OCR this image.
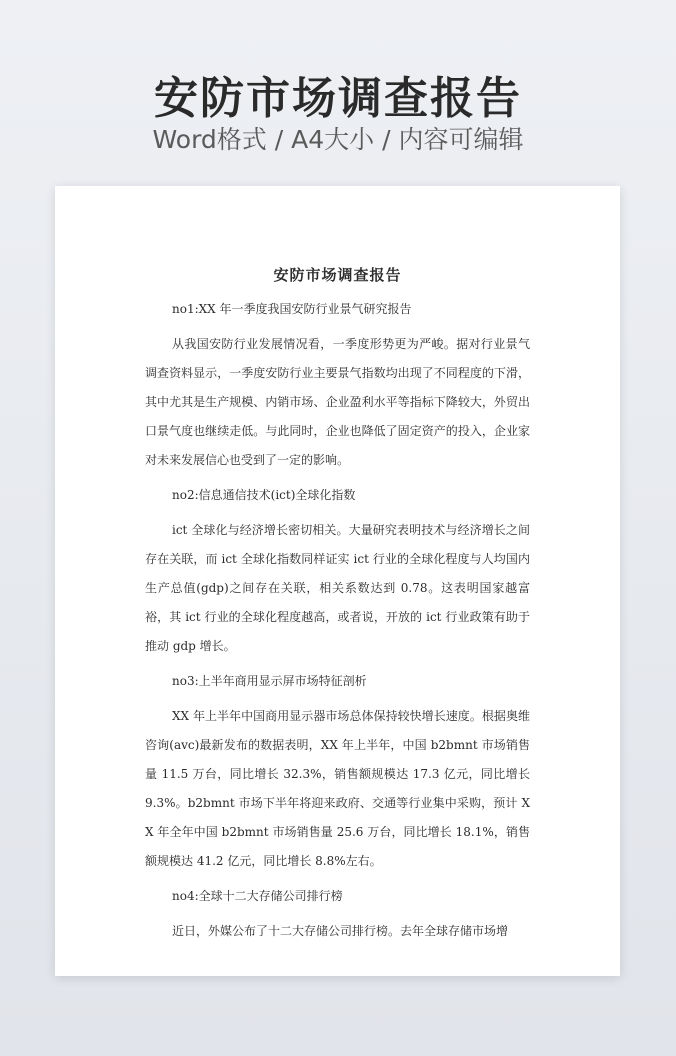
安防市场调查报告
Word格式 / A4大小 / 内容可编辑
安防市场调查报告
no1:XX 年一季度我国安防行业景气研究报告
从我国安防行业发展情况看，一季度形势更为严峻。据对行业景气调查资料显示，一季度安防行业主要景气指数均出现了不同程度的下滑，其中尤其是生产规模、内销市场、企业盈利水平等指标下降较大，外贸出口景气度也继续走低。与此同时，企业也降低了固定资产的投入，企业家对未来发展信心也受到了一定的影响。
no2:信息通信技术(ict)全球化指数
ict 全球化与经济增长密切相关。大量研究表明技术与经济增长之间存在关联，而 ict 全球化指数同样证实 ict 行业的全球化程度与人均国内生产总值(gdp)之间存在关联，相关系数达到 0.78。这表明国家越富裕，其 ict 行业的全球化程度越高，或者说，开放的 ict 行业政策有助于推动 gdp 增长。
no3:上半年商用显示屏市场特征剖析
XX 年上半年中国商用显示器市场总体保持较快增长速度。根据奥维咨询(avc)最新发布的数据表明，XX 年上半年，中国 b2bmnt 市场销售量 11.5 万台，同比增长 32.3%，销售额规模达 17.3 亿元，同比增长 9.3%。b2bmnt 市场下半年将迎来政府、交通等行业集中采购，预计 XX 年全年中国 b2bmnt 市场销售量 25.6 万台，同比增长 18.1%，销售额规模达 41.2 亿元，同比增长 8.8%左右。
no4:全球十二大存储公司排行榜
近日，外媒公布了十二大存储公司排行榜。去年全球存储市场增
